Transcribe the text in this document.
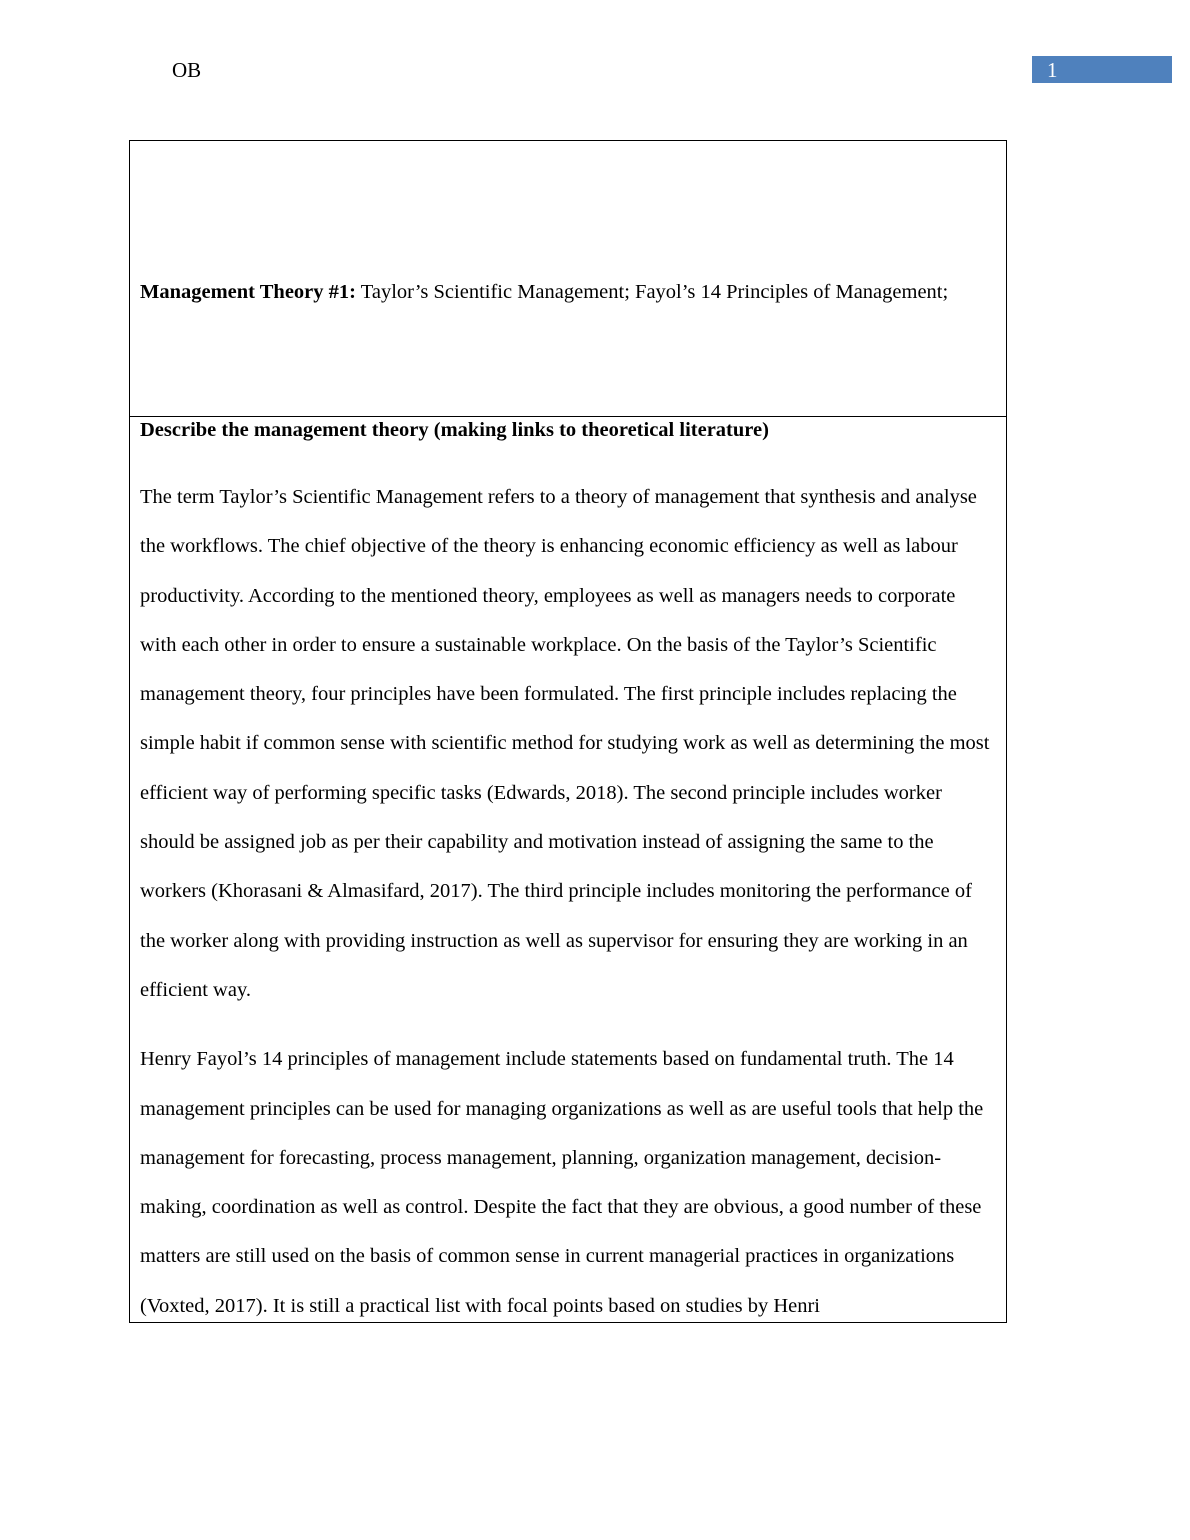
OB	1
Management Theory #1: Taylor’s Scientific Management; Fayol’s 14 Principles of Management;
Describe the management theory (making links to theoretical literature)

The term Taylor’s Scientific Management refers to a theory of management that synthesis and analyse the workflows. The chief objective of the theory is enhancing economic efficiency as well as labour productivity. According to the mentioned theory, employees as well as managers needs to corporate with each other in order to ensure a sustainable workplace. On the basis of the Taylor’s Scientific management theory, four principles have been formulated. The first principle includes replacing the simple habit if common sense with scientific method for studying work as well as determining the most efficient way of performing specific tasks (Edwards, 2018). The second principle includes worker should be assigned job as per their capability and motivation instead of assigning the same to the workers (Khorasani & Almasifard, 2017). The third principle includes monitoring the performance of the worker along with providing instruction as well as supervisor for ensuring they are working in an efficient way.

Henry Fayol’s 14 principles of management include statements based on fundamental truth. The 14 management principles can be used for managing organizations as well as are useful tools that help the management for forecasting, process management, planning, organization management, decision-making, coordination as well as control. Despite the fact that they are obvious, a good number of these matters are still used on the basis of common sense in current managerial practices in organizations (Voxted, 2017). It is still a practical list with focal points based on studies by Henri
